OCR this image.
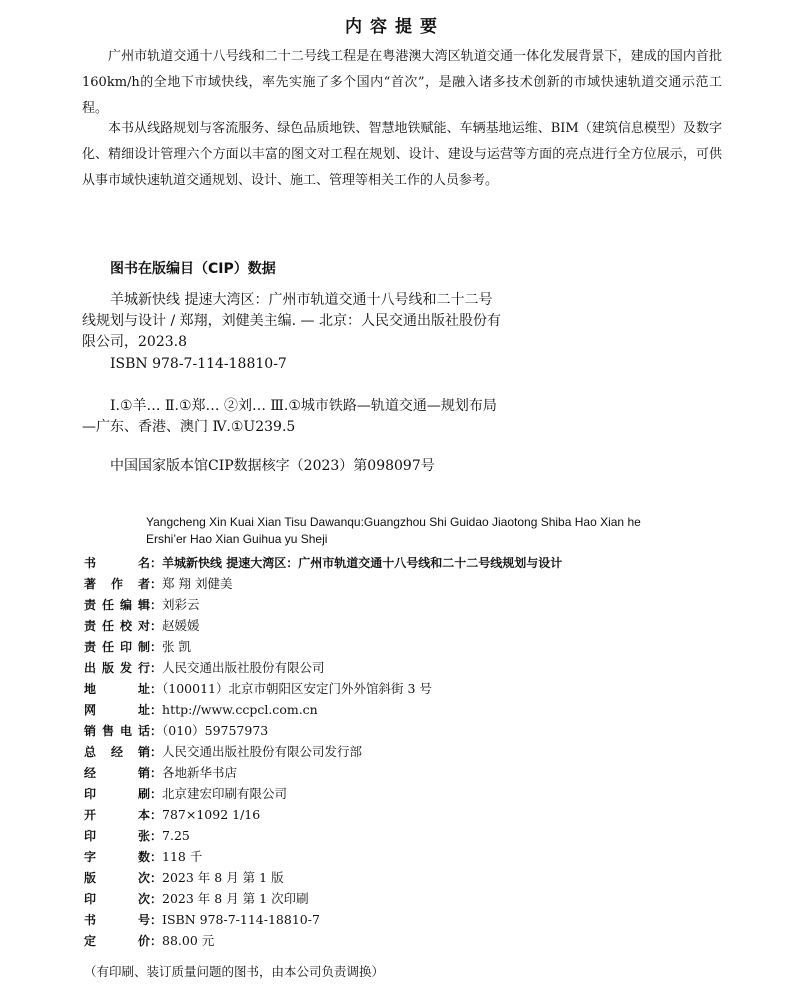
内容提要

广州市轨道交通十八号线和二十二号线工程是在粤港澳大湾区轨道交通一体化发展背景下，建成的国内首批160km/h的全地下市域快线，率先实施了多个国内“首次”，是融入诸多技术创新的市域快速轨道交通示范工程。

本书从线路规划与客流服务、绿色品质地铁、智慧地铁赋能、车辆基地运维、BIM（建筑信息模型）及数字化、精细设计管理六个方面以丰富的图文对工程在规划、设计、建设与运营等方面的亮点进行全方位展示，可供从事市域快速轨道交通规划、设计、施工、管理等相关工作的人员参考。

图书在版编目（CIP）数据

羊城新快线 提速大湾区：广州市轨道交通十八号线和二十二号线规划与设计 / 郑翔，刘健美主编. — 北京：人民交通出版社股份有限公司，2023.8

ISBN 978-7-114-18810-7

Ⅰ.①羊… Ⅱ.①郑… ②刘… Ⅲ.①城市铁路—轨道交通—规划布局—广东、香港、澳门 Ⅳ.①U239.5

中国国家版本馆CIP数据核字（2023）第098097号
Yangcheng Xin Kuai Xian Tisu Dawanqu:Guangzhou Shi Guidao Jiaotong Shiba Hao Xian he
Ershi’er Hao Xian Guihua yu Sheji
书名：羊城新快线 提速大湾区：广州市轨道交通十八号线和二十二号线规划与设计
著作者：郑 翔 刘健美
责任编辑：刘彩云
责任校对：赵媛媛
责任印制：张 凯
出版发行：人民交通出版社股份有限公司
地址：（100011）北京市朝阳区安定门外外馆斜街 3 号
网址：http://www.ccpcl.com.cn
销售电话：（010）59757973
总经销：人民交通出版社股份有限公司发行部
经销：各地新华书店
印刷：北京建宏印刷有限公司
开本：787×1092 1/16
印张：7.25
字数：118 千
版次：2023 年 8 月 第 1 版
印次：2023 年 8 月 第 1 次印刷
书号：ISBN 978-7-114-18810-7
定价：88.00 元
（有印刷、装订质量问题的图书，由本公司负责调换）
